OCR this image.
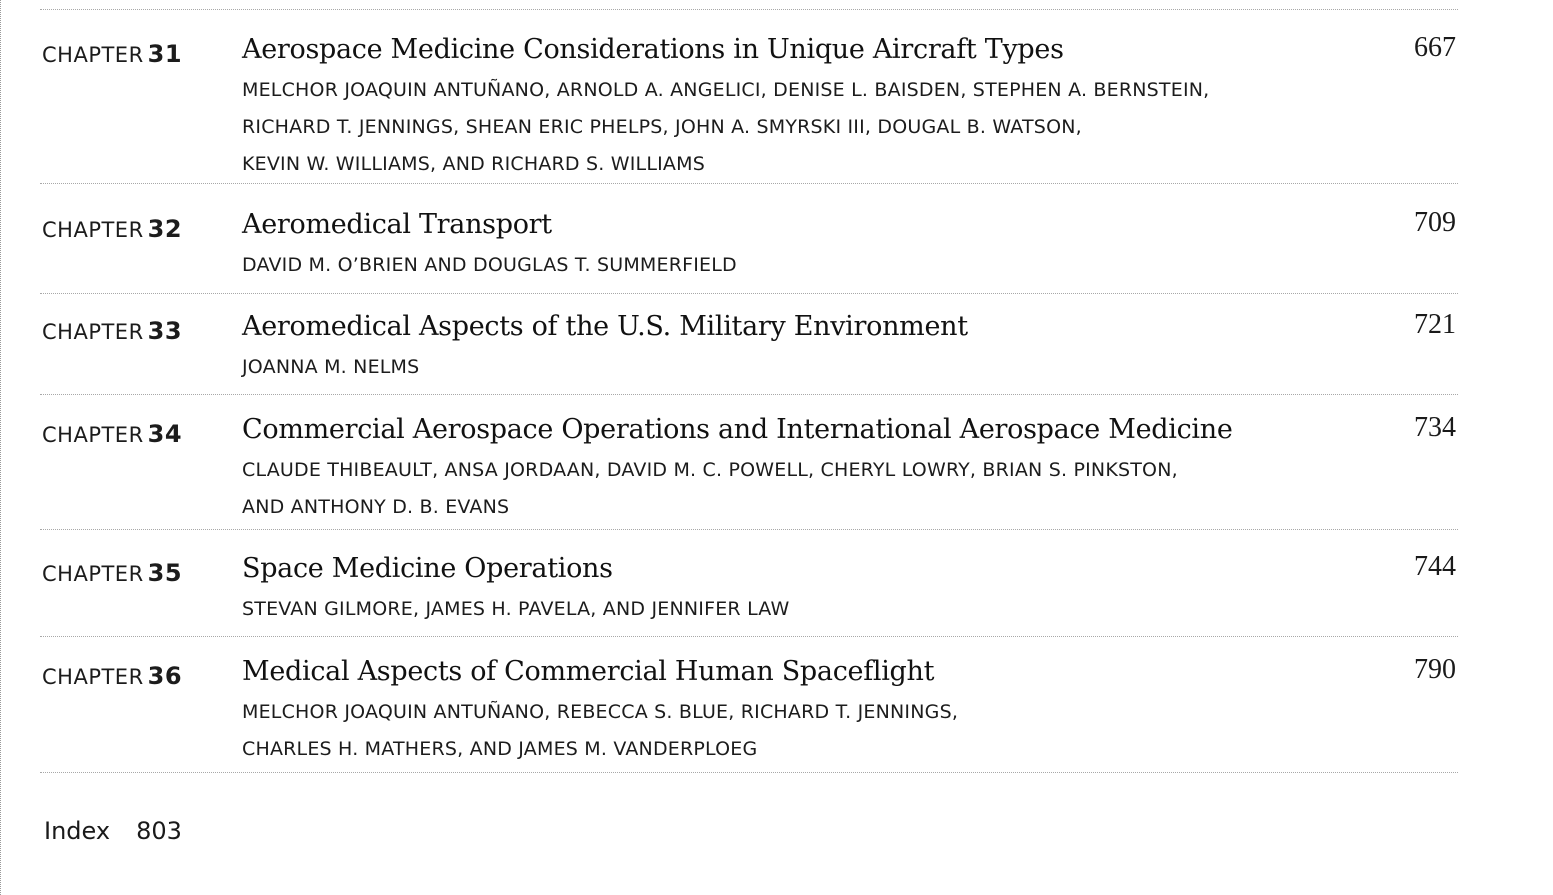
CHAPTER 31 Aerospace Medicine Considerations in Unique Aircraft Types	667
MELCHOR JOAQUIN ANTUÑANO, ARNOLD A. ANGELICI, DENISE L. BAISDEN, STEPHEN A. BERNSTEIN,
RICHARD T. JENNINGS, SHEAN ERIC PHELPS, JOHN A. SMYRSKI III, DOUGAL B. WATSON,
KEVIN W. WILLIAMS, AND RICHARD S. WILLIAMS
CHAPTER 32 Aeromedical Transport	709
DAVID M. O’BRIEN AND DOUGLAS T. SUMMERFIELD
CHAPTER 33 Aeromedical Aspects of the U.S. Military Environment	721
JOANNA M. NELMS
CHAPTER 34 Commercial Aerospace Operations and International Aerospace Medicine	734
CLAUDE THIBEAULT, ANSA JORDAAN, DAVID M. C. POWELL, CHERYL LOWRY, BRIAN S. PINKSTON,
AND ANTHONY D. B. EVANS
CHAPTER 35 Space Medicine Operations	744
STEVAN GILMORE, JAMES H. PAVELA, AND JENNIFER LAW
CHAPTER 36 Medical Aspects of Commercial Human Spaceflight	790
MELCHOR JOAQUIN ANTUÑANO, REBECCA S. BLUE, RICHARD T. JENNINGS,
CHARLES H. MATHERS, AND JAMES M. VANDERPLOEG
Index 803
